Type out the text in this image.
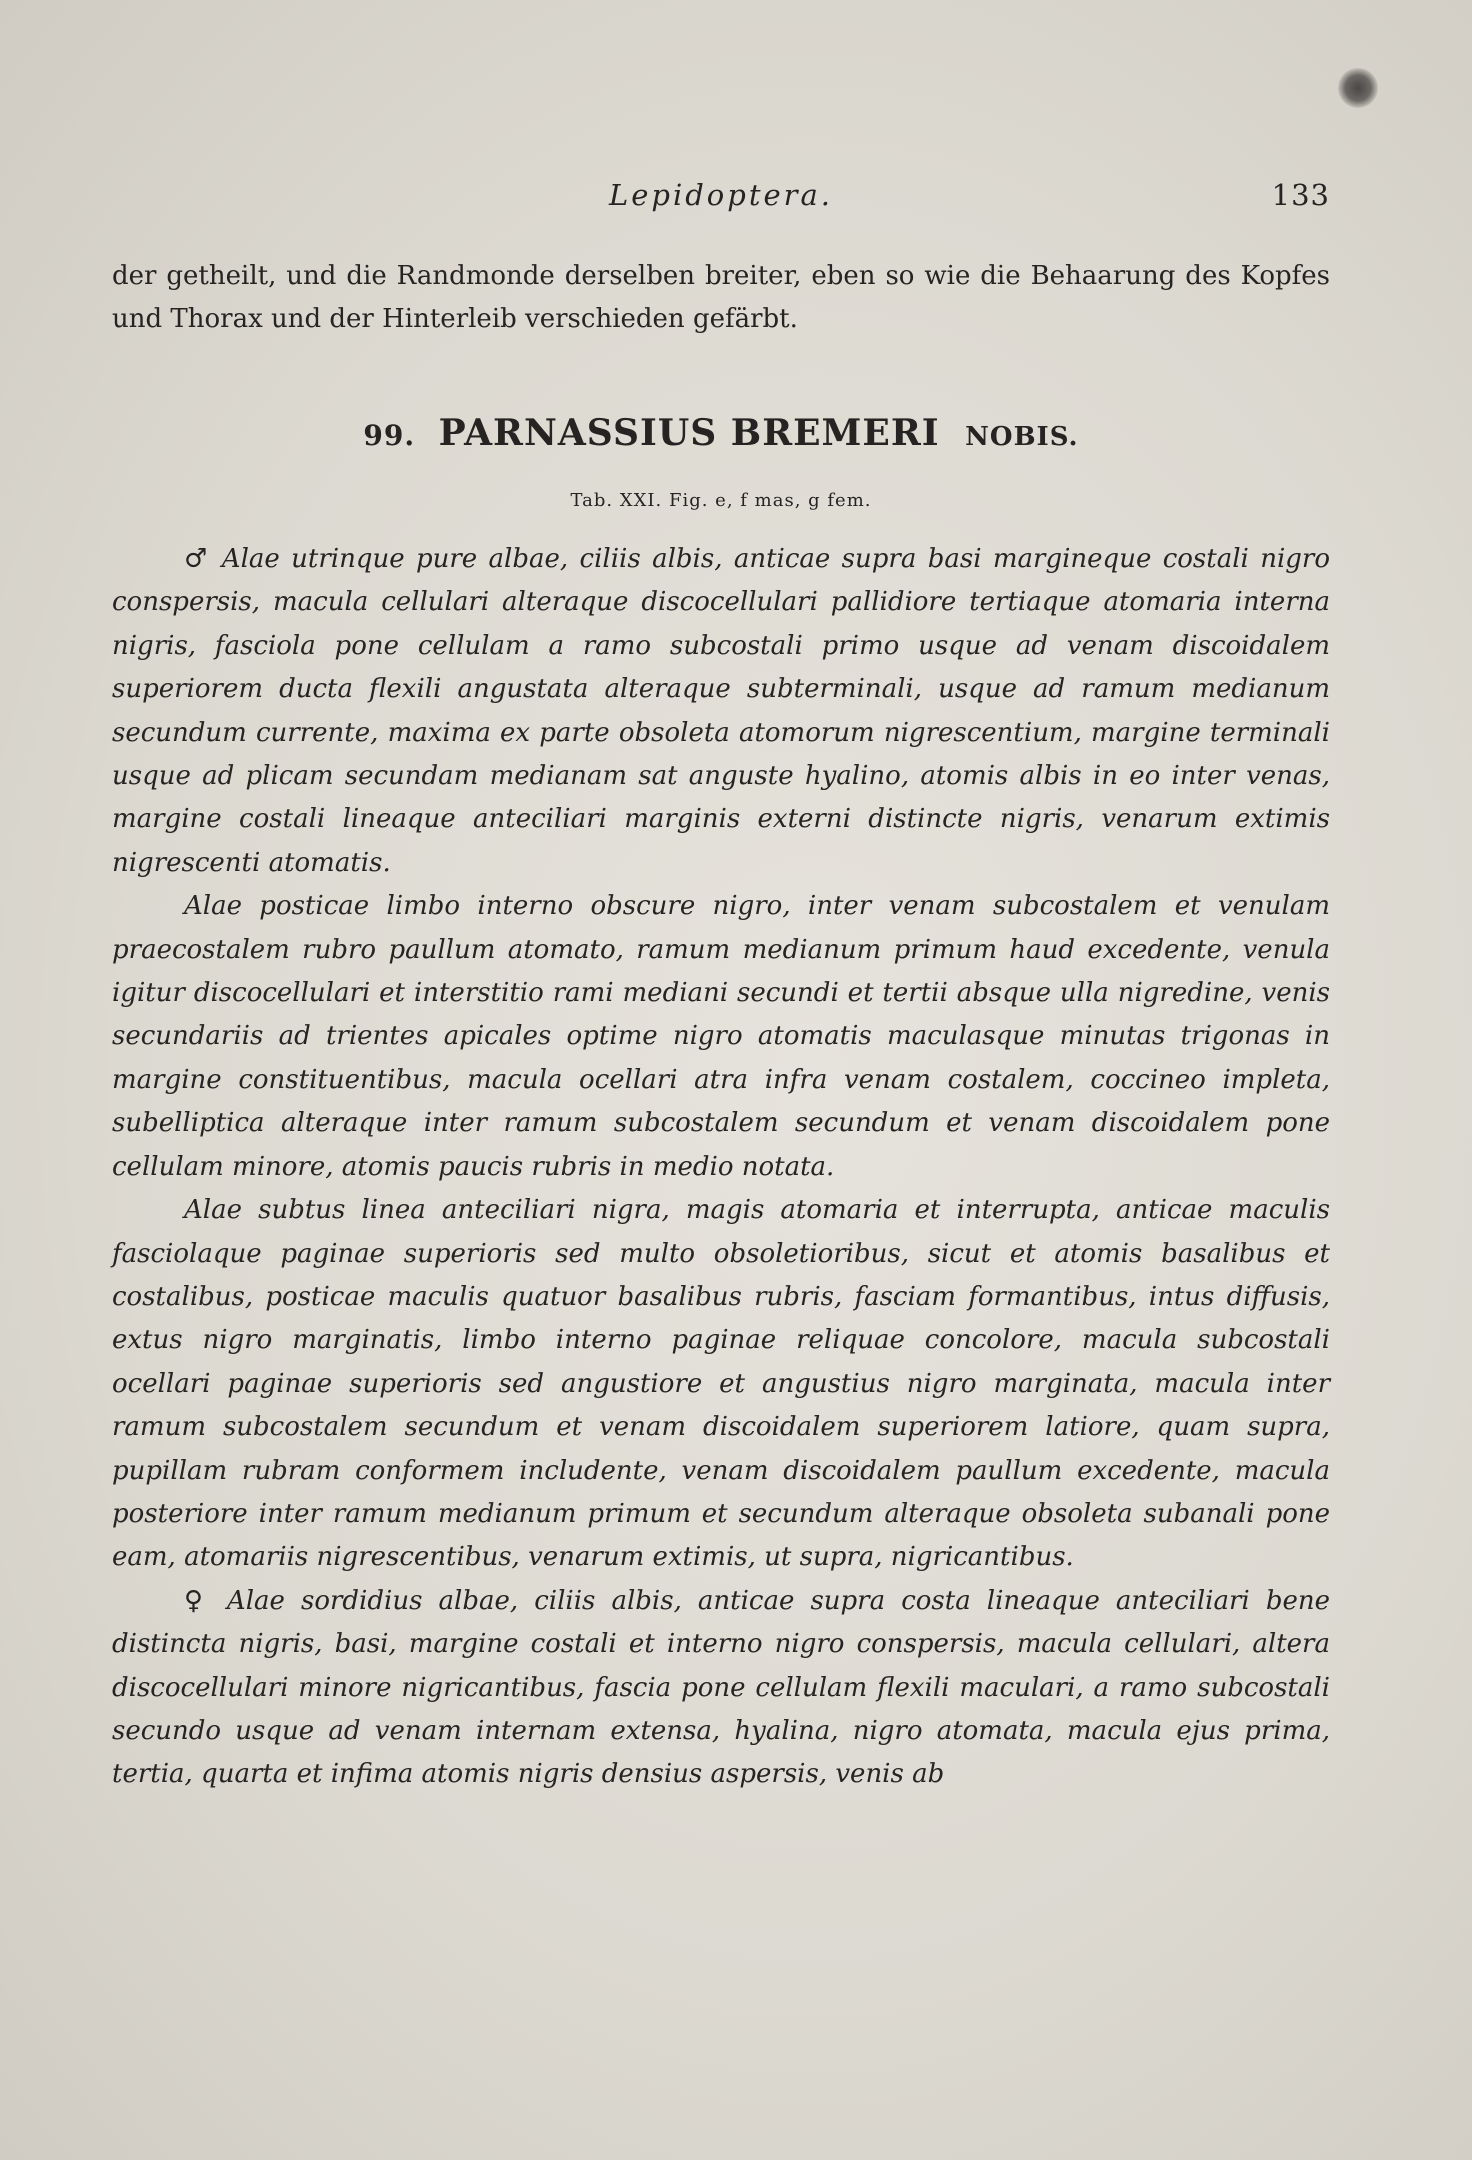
Lepidoptera.	133
der getheilt, und die Randmonde derselben breiter, eben so wie die Behaarung des Kopfes und Thorax und der Hinterleib verschieden gefärbt.
99. PARNASSIUS BREMERI NOBIS.
Tab. XXI. Fig. e, f mas, g fem.

♂ Alae utrinque pure albae, ciliis albis, anticae supra basi margineque costali nigro conspersis, macula cellulari alteraque discocellulari pallidiore tertiaque atomaria interna nigris, fasciola pone cellulam a ramo subcostali primo usque ad venam discoidalem superiorem ducta flexili angustata alteraque subterminali, usque ad ramum medianum secundum currente, maxima ex parte obsoleta atomorum nigrescentium, margine terminali usque ad plicam secundam medianam sat anguste hyalino, atomis albis in eo inter venas, margine costali lineaque anteciliari marginis externi distincte nigris, venarum extimis nigrescenti atomatis.

Alae posticae limbo interno obscure nigro, inter venam subcostalem et venulam praecostalem rubro paullum atomato, ramum medianum primum haud excedente, venula igitur discocellulari et interstitio rami mediani secundi et tertii absque ulla nigredine, venis secundariis ad trientes apicales optime nigro atomatis maculasque minutas trigonas in margine constituentibus, macula ocellari atra infra venam costalem, coccineo impleta, subelliptica alteraque inter ramum subcostalem secundum et venam discoidalem pone cellulam minore, atomis paucis rubris in medio notata.

Alae subtus linea anteciliari nigra, magis atomaria et interrupta, anticae maculis fasciolaque paginae superioris sed multo obsoletioribus, sicut et atomis basalibus et costalibus, posticae maculis quatuor basalibus rubris, fasciam formantibus, intus diffusis, extus nigro marginatis, limbo interno paginae reliquae concolore, macula subcostali ocellari paginae superioris sed angustiore et angustius nigro marginata, macula inter ramum subcostalem secundum et venam discoidalem superiorem latiore, quam supra, pupillam rubram conformem includente, venam discoidalem paullum excedente, macula posteriore inter ramum medianum primum et secundum alteraque obsoleta subanali pone eam, atomariis nigrescentibus, venarum extimis, ut supra, nigricantibus.

♀ Alae sordidius albae, ciliis albis, anticae supra costa lineaque anteciliari bene distincta nigris, basi, margine costali et interno nigro conspersis, macula cellulari, altera discocellulari minore nigricantibus, fascia pone cellulam flexili maculari, a ramo subcostali secundo usque ad venam internam extensa, hyalina, nigro atomata, macula ejus prima, tertia, quarta et infima atomis nigris densius aspersis, venis ab
